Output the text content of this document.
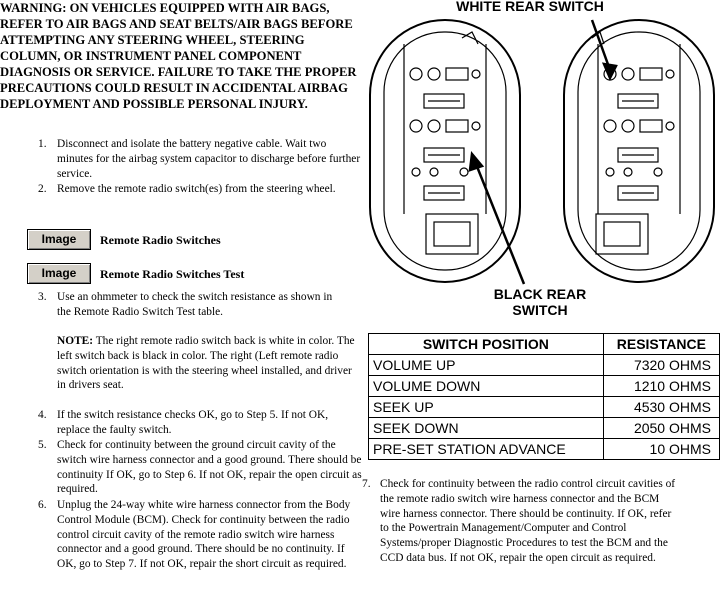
WARNING: ON VEHICLES EQUIPPED WITH AIR BAGS, REFER TO AIR BAGS AND SEAT BELTS/AIR BAGS BEFORE ATTEMPTING ANY STEERING WHEEL, STEERING COLUMN, OR INSTRUMENT PANEL COMPONENT DIAGNOSIS OR SERVICE. FAILURE TO TAKE THE PROPER PRECAUTIONS COULD RESULT IN ACCIDENTAL AIRBAG DEPLOYMENT AND POSSIBLE PERSONAL INJURY.

1. Disconnect and isolate the battery negative cable. Wait two minutes for the airbag system capacitor to discharge before further service.
2. Remove the remote radio switch(es) from the steering wheel.
Image	Remote Radio Switches
Image	Remote Radio Switches Test
3. Use an ohmmeter to check the switch resistance as shown in the Remote Radio Switch Test table.
NOTE: The right remote radio switch back is white in color. The left switch back is black in color. The right (Left remote radio switch orientation is with the steering wheel installed, and driver in drivers seat.
4. If the switch resistance checks OK, go to Step 5. If not OK, replace the faulty switch.
5. Check for continuity between the ground circuit cavity of the switch wire harness connector and a good ground. There should be continuity If OK, go to Step 6. If not OK, repair the open circuit as required.
6. Unplug the 24-way white wire harness connector from the Body Control Module (BCM). Check for continuity between the radio control circuit cavity of the remote radio switch wire harness connector and a good ground. There should be no continuity. If OK, go to Step 7. If not OK, repair the short circuit as required.
7. Check for continuity between the radio control circuit cavities of the remote radio switch wire harness connector and the BCM wire harness connector. There should be continuity. If OK, refer to the Powertrain Management/Computer and Control Systems/proper Diagnostic Procedures to test the BCM and the CCD data bus. If not OK, repair the open circuit as required.
WHITE REAR SWITCH
BLACK REAR
SWITCH
SWITCH POSITION	RESISTANCE
VOLUME UP	7320 OHMS
VOLUME DOWN	1210 OHMS
SEEK UP	4530 OHMS
SEEK DOWN	2050 OHMS
PRE-SET STATION ADVANCE	10 OHMS
